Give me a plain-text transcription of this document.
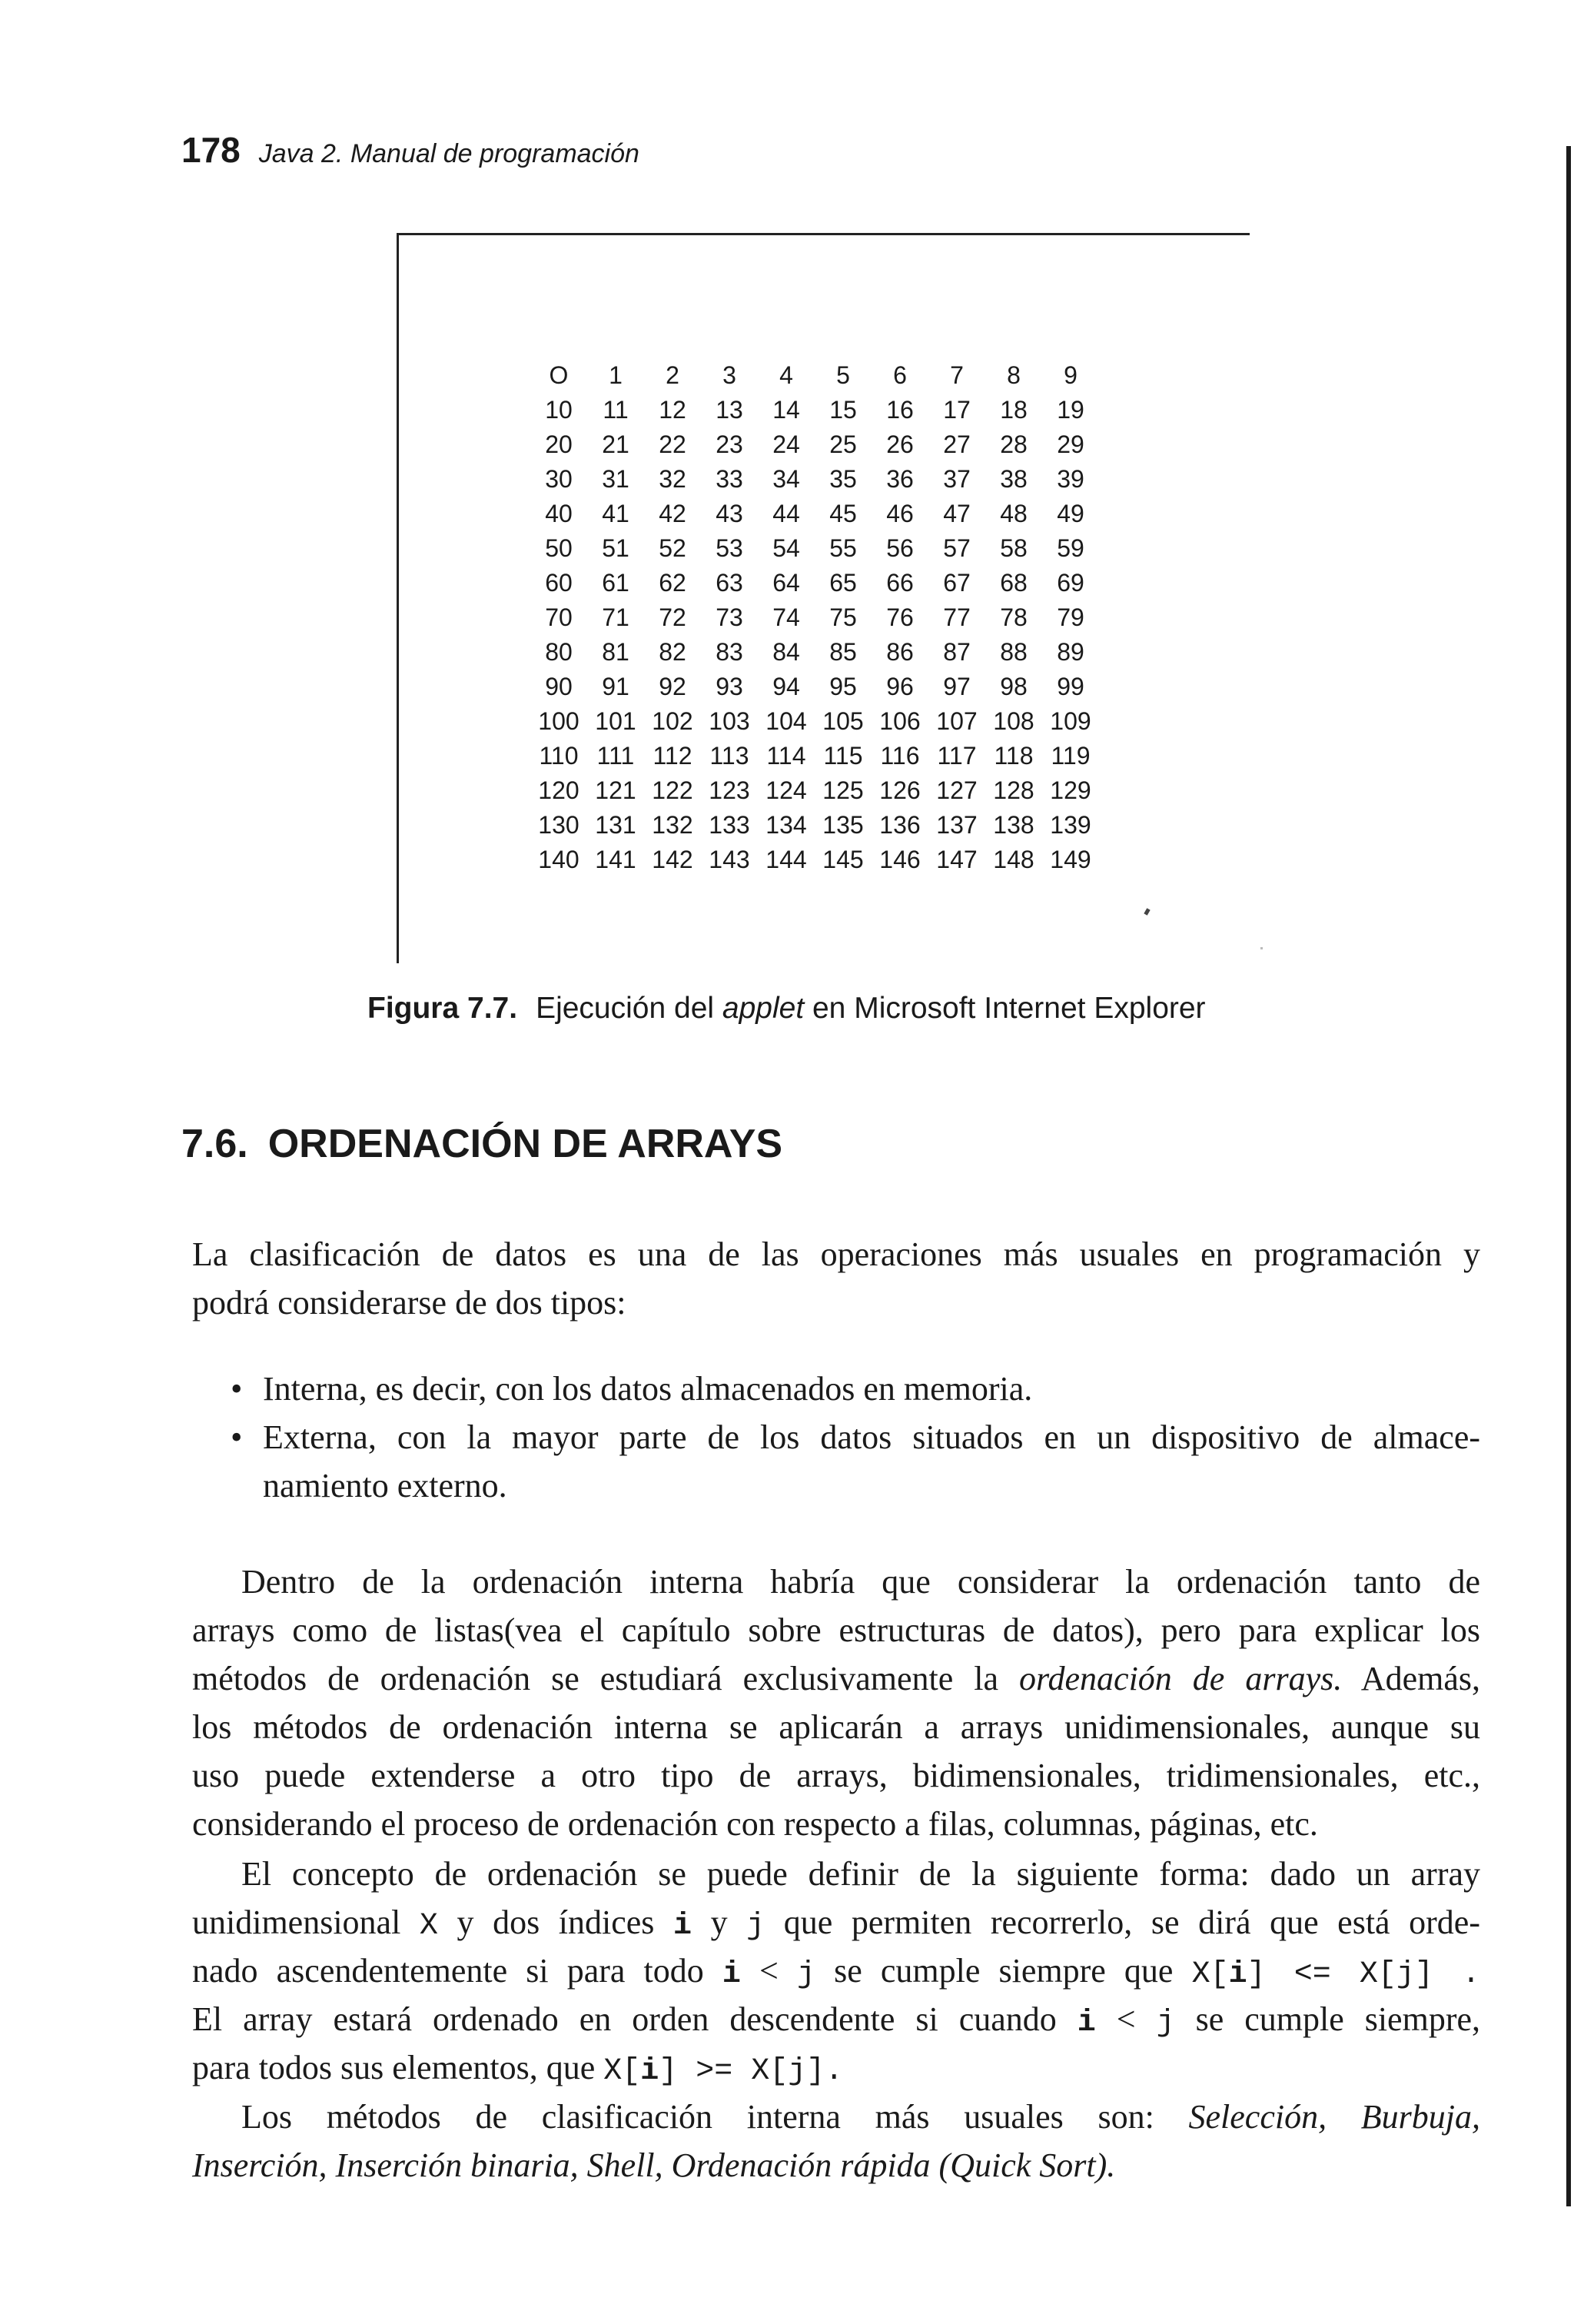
178 Java 2. Manual de programación
O	1	2	3	4	5	6	7	8	9
10	11	12	13	14	15	16	17	18	19
20	21	22	23	24	25	26	27	28	29
30	31	32	33	34	35	36	37	38	39
40	41	42	43	44	45	46	47	48	49
50	51	52	53	54	55	56	57	58	59
60	61	62	63	64	65	66	67	68	69
70	71	72	73	74	75	76	77	78	79
80	81	82	83	84	85	86	87	88	89
90	91	92	93	94	95	96	97	98	99
100 101 102 103 104 105 106 107 108 109
110 111 112 113 114 115 116 117 118 119
120 121 122 123 124 125 126 127 128 129
130 131 132 133 134 135 136 137 138 139
140 141 142 143 144 145 146 147 148 149
Figura 7.7. Ejecución del applet en Microsoft Internet Explorer
7.6. ORDENACIÓN DE ARRAYS
La clasificación de datos es una de las operaciones más usuales en programación y
podrá considerarse de dos tipos:
• Interna, es decir, con los datos almacenados en memoria.
• Externa, con la mayor parte de los datos situados en un dispositivo de almace-
namiento externo.
Dentro de la ordenación interna habría que considerar la ordenación tanto de
arrays como de listas(vea el capítulo sobre estructuras de datos), pero para explicar los
métodos de ordenación se estudiará exclusivamente la ordenación de arrays. Además,
los métodos de ordenación interna se aplicarán a arrays unidimensionales, aunque su
uso puede extenderse a otro tipo de arrays, bidimensionales, tridimensionales, etc.,
considerando el proceso de ordenación con respecto a filas, columnas, páginas, etc.
El concepto de ordenación se puede definir de la siguiente forma: dado un array
unidimensional X y dos índices i y j que permiten recorrerlo, se dirá que está orde-
nado ascendentemente si para todo i < j se cumple siempre que X[i] <= X[j] .
El array estará ordenado en orden descendente si cuando i < j se cumple siempre,
para todos sus elementos, que X[i] >= X[j].
Los métodos de clasificación interna más usuales son: Selección, Burbuja,
Inserción, Inserción binaria, Shell, Ordenación rápida (Quick Sort).
